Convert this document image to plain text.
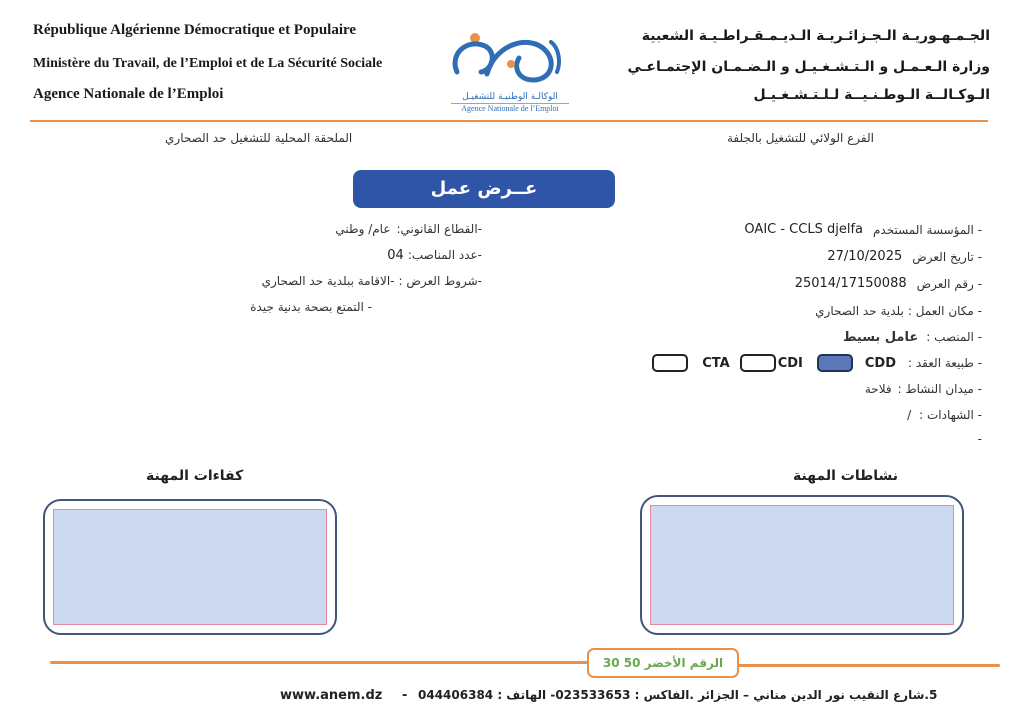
République Algérienne Démocratique et Populaire
Ministère du Travail, de l’Emploi et de La Sécurité Sociale
Agence Nationale de l’Emploi	الوكالـة الوطنيـة للتشغيـل
Agence Nationale de l’Emploi
الجـمـهـوريـة الـجـزائـريـة الـديـمـقـراطـيـة الشعبية
وزارة الـعـمـل و الـتـشـغـيـل و الـضـمـان الإجتمـاعـي
الـوكـالــة الـوطـنـيــة لـلـتـشـغـيـل
الملحقة المحلية للتشغيل حد الصحاري	الفرع الولائي للتشغيل بالجلفة
عــرض عمل
- المؤسسة المستخدم
OAIC - CCLS djelfa
- تاريخ العرض
27/10/2025
- رقم العرض
25014/17150088
- مكان العمل :
بلدية حد الصحاري
- المنصب :
عامل بسيط
- طبيعة العقد :
CDD
CDI
CTA
- ميدان النشاط :
فلاحة
- الشهادات :
/
-
-القطاع القانوني:
عام/ وطني
-عدد المناصب:
04
-شروط العرض :
-الاقامة ببلدية حد الصحاري
- التمتع بصحة بدنية جيدة
كفاءات المهنة	نشاطات المهنة
الرقم الأخضر 50 30
www.anem.dz - 5.شارع النقيب نور الدين مناني – الجزائر .الفاكس : 023533653- الهاتف : 044406384
